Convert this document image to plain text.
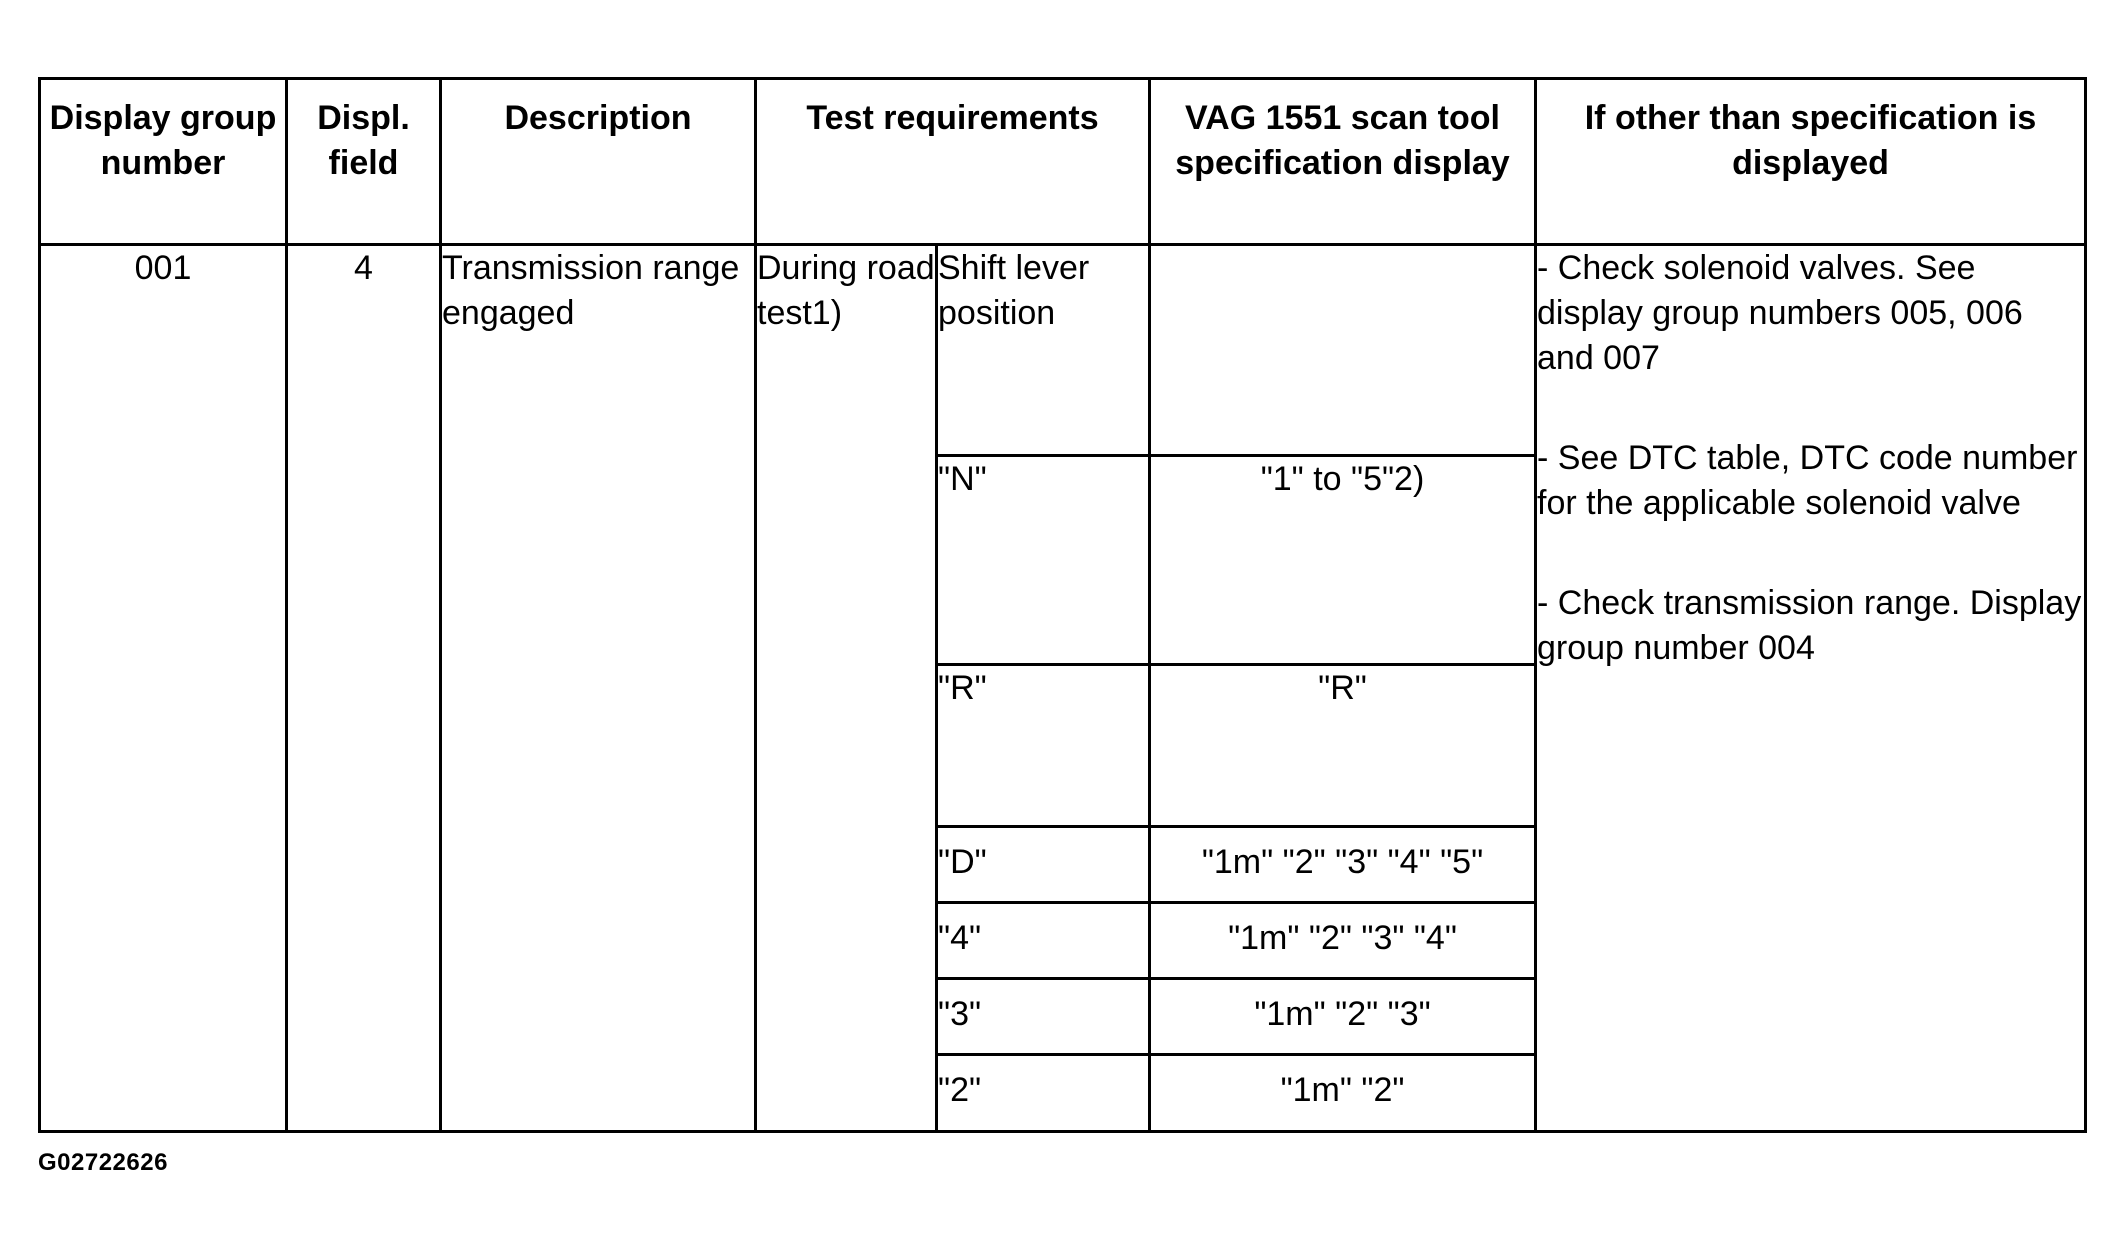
Display group number	Displ. field	Description	Test requirements		VAG 1551 scan tool specification display	If other than specification is displayed
001	4	Transmission range engaged	During road test1)	Shift lever position		- Check solenoid valves. See display group numbers 005, 006 and 007

- See DTC table, DTC code number for the applicable solenoid valve

- Check transmission range. Display group number 004

				"N"	"1" to "5"2)	
				"R"	"R"	
				"D"	"1m" "2" "3" "4" "5"	
				"4"	"1m" "2" "3" "4"	
				"3"	"1m" "2" "3"	
				"2"	"1m" "2"	
G02722626
